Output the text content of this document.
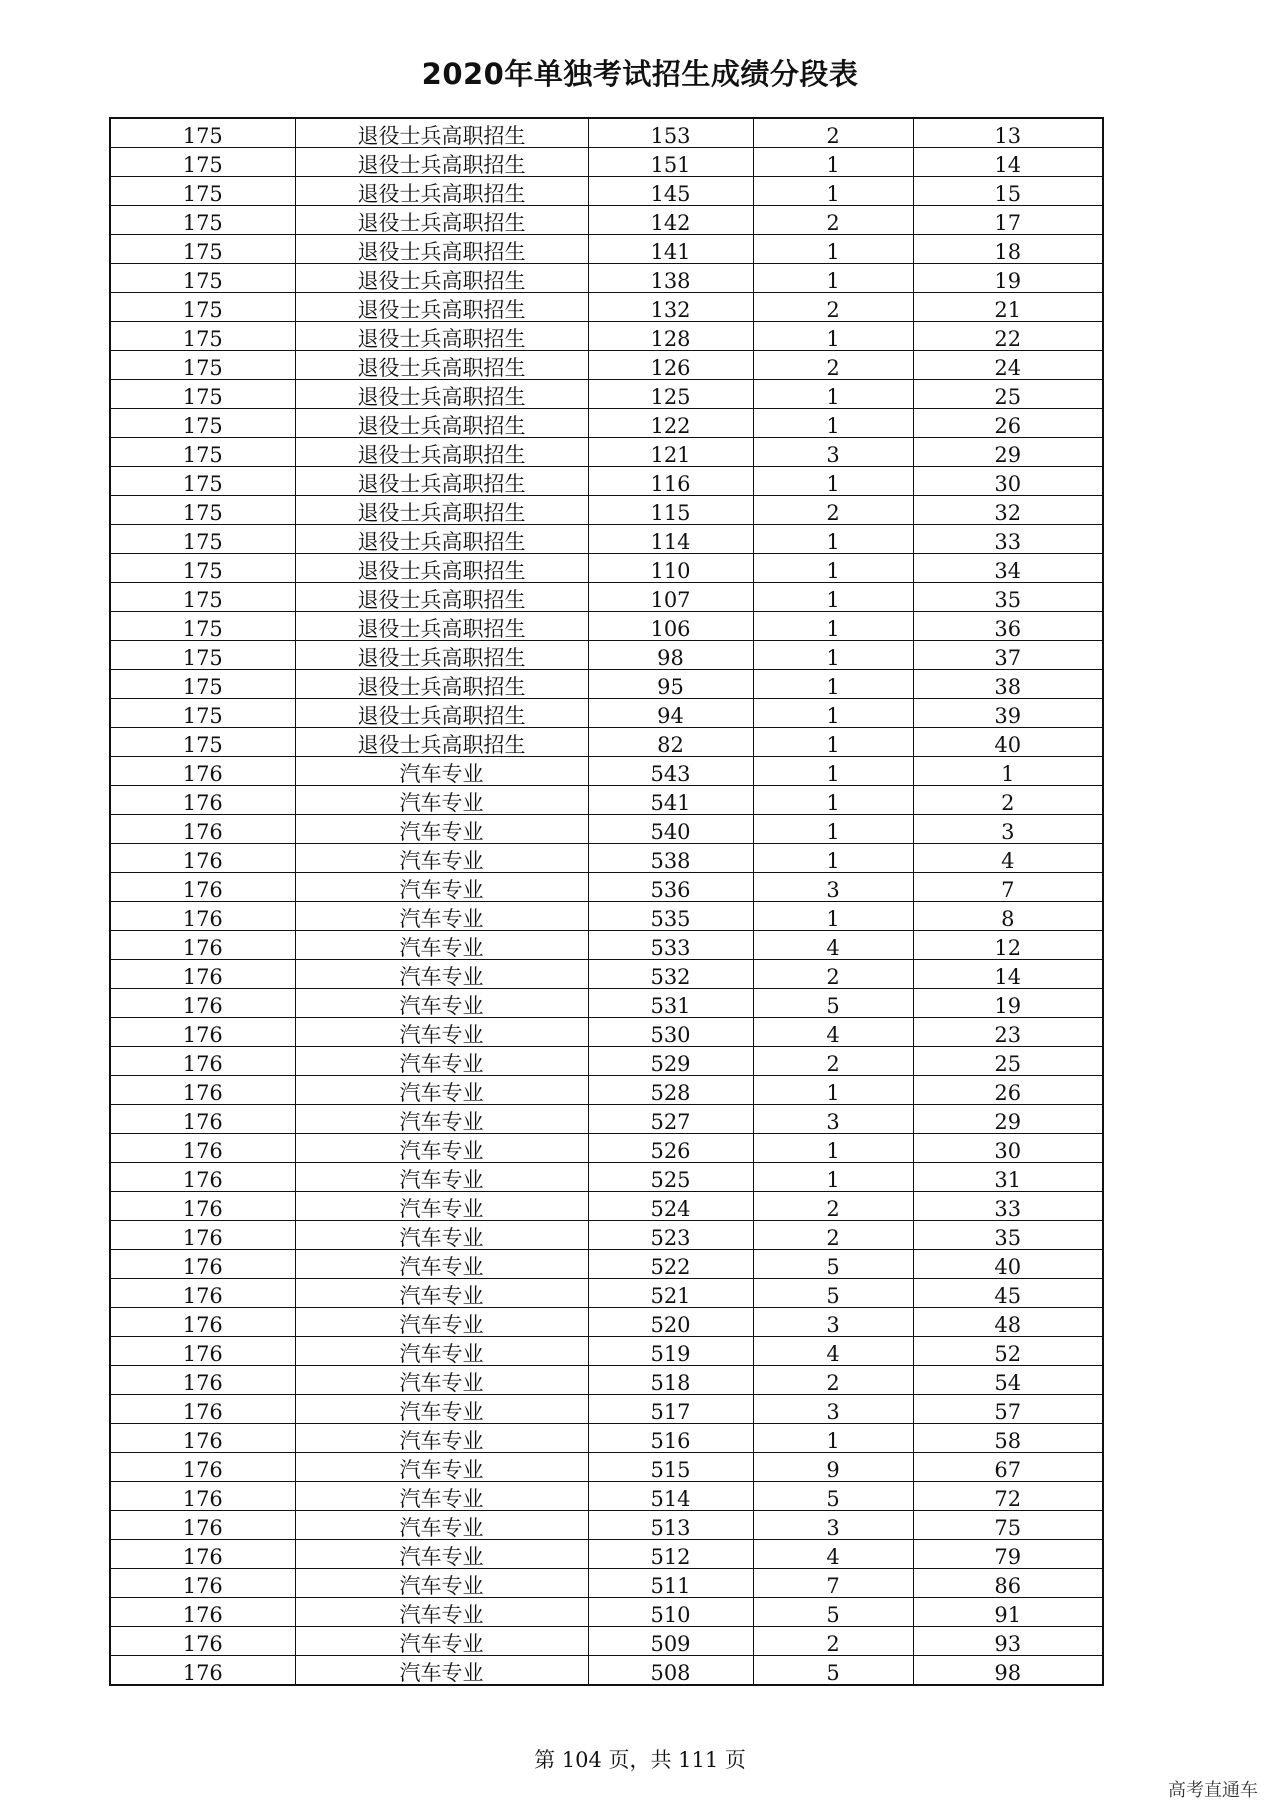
2020年单独考试招生成绩分段表
175	退役士兵高职招生	153	2	13
175	退役士兵高职招生	151	1	14
175	退役士兵高职招生	145	1	15
175	退役士兵高职招生	142	2	17
175	退役士兵高职招生	141	1	18
175	退役士兵高职招生	138	1	19
175	退役士兵高职招生	132	2	21
175	退役士兵高职招生	128	1	22
175	退役士兵高职招生	126	2	24
175	退役士兵高职招生	125	1	25
175	退役士兵高职招生	122	1	26
175	退役士兵高职招生	121	3	29
175	退役士兵高职招生	116	1	30
175	退役士兵高职招生	115	2	32
175	退役士兵高职招生	114	1	33
175	退役士兵高职招生	110	1	34
175	退役士兵高职招生	107	1	35
175	退役士兵高职招生	106	1	36
175	退役士兵高职招生	98	1	37
175	退役士兵高职招生	95	1	38
175	退役士兵高职招生	94	1	39
175	退役士兵高职招生	82	1	40
176	汽车专业	543	1	1
176	汽车专业	541	1	2
176	汽车专业	540	1	3
176	汽车专业	538	1	4
176	汽车专业	536	3	7
176	汽车专业	535	1	8
176	汽车专业	533	4	12
176	汽车专业	532	2	14
176	汽车专业	531	5	19
176	汽车专业	530	4	23
176	汽车专业	529	2	25
176	汽车专业	528	1	26
176	汽车专业	527	3	29
176	汽车专业	526	1	30
176	汽车专业	525	1	31
176	汽车专业	524	2	33
176	汽车专业	523	2	35
176	汽车专业	522	5	40
176	汽车专业	521	5	45
176	汽车专业	520	3	48
176	汽车专业	519	4	52
176	汽车专业	518	2	54
176	汽车专业	517	3	57
176	汽车专业	516	1	58
176	汽车专业	515	9	67
176	汽车专业	514	5	72
176	汽车专业	513	3	75
176	汽车专业	512	4	79
176	汽车专业	511	7	86
176	汽车专业	510	5	91
176	汽车专业	509	2	93
176	汽车专业	508	5	98
第 104 页，共 111 页
高考直通车
